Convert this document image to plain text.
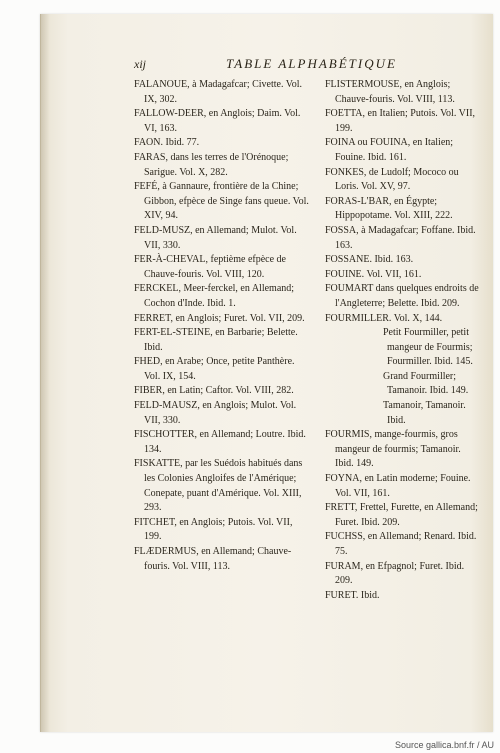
xij	TABLE ALPHABÉTIQUE
FALANOUE, à Madagafcar; Civette. Vol. IX, 302.
FALLOW-DEER, en Anglois; Daim. Vol. VI, 163.
FAON. Ibid. 77.
FARAS, dans les terres de l'Orénoque; Sarigue. Vol. X, 282.
FEFÉ, à Gannaure, frontière de la Chine; Gibbon, efpèce de Singe fans queue. Vol. XIV, 94.
FELD-MUSZ, en Allemand; Mulot. Vol. VII, 330.
FER-À-CHEVAL, feptième efpèce de Chauve-fouris. Vol. VIII, 120.
FERCKEL, Meer-ferckel, en Allemand; Cochon d'Inde. Ibid. 1.
FERRET, en Anglois; Furet. Vol. VII, 209.
FERT-EL-STEINE, en Barbarie; Belette. Ibid.
FHED, en Arabe; Once, petite Panthère. Vol. IX, 154.
FIBER, en Latin; Caftor. Vol. VIII, 282.
FELD-MAUSZ, en Anglois; Mulot. Vol. VII, 330.
FISCHOTTER, en Allemand; Loutre. Ibid. 134.
FISKATTE, par les Suédois habitués dans les Colonies Angloifes de l'Amérique; Conepate, puant d'Amérique. Vol. XIII, 293.
FITCHET, en Anglois; Putois. Vol. VII, 199.
FLÆDERMUS, en Allemand; Chauve-fouris. Vol. VIII, 113.
FLISTERMOUSE, en Anglois; Chauve-fouris. Vol. VIII, 113.
FOETTA, en Italien; Putois. Vol. VII, 199.
FOINA ou FOUINA, en Italien; Fouine. Ibid. 161.
FONKES, de Ludolf; Mococo ou Loris. Vol. XV, 97.
FORAS-L'BAR, en Égypte; Hippopotame. Vol. XIII, 222.
FOSSA, à Madagafcar; Foffane. Ibid. 163.
FOSSANE. Ibid. 163.
FOUINE. Vol. VII, 161.
FOUMART dans quelques endroits de l'Angleterre; Belette. Ibid. 209.
FOURMILLER. Vol. X, 144.
Petit Fourmiller, petit mangeur de Fourmis; Fourmiller. Ibid. 145.
Grand Fourmiller; Tamanoir. Ibid. 149.
Tamanoir, Tamanoir. Ibid.
FOURMIS, mange-fourmis, gros mangeur de fourmis; Tamanoir. Ibid. 149.
FOYNA, en Latin moderne; Fouine. Vol. VII, 161.
FRETT, Frettel, Furette, en Allemand; Furet. Ibid. 209.
FUCHSS, en Allemand; Renard. Ibid. 75.
FURAM, en Efpagnol; Furet. Ibid. 209.
FURET. Ibid.
Source gallica.bnf.fr / AU
